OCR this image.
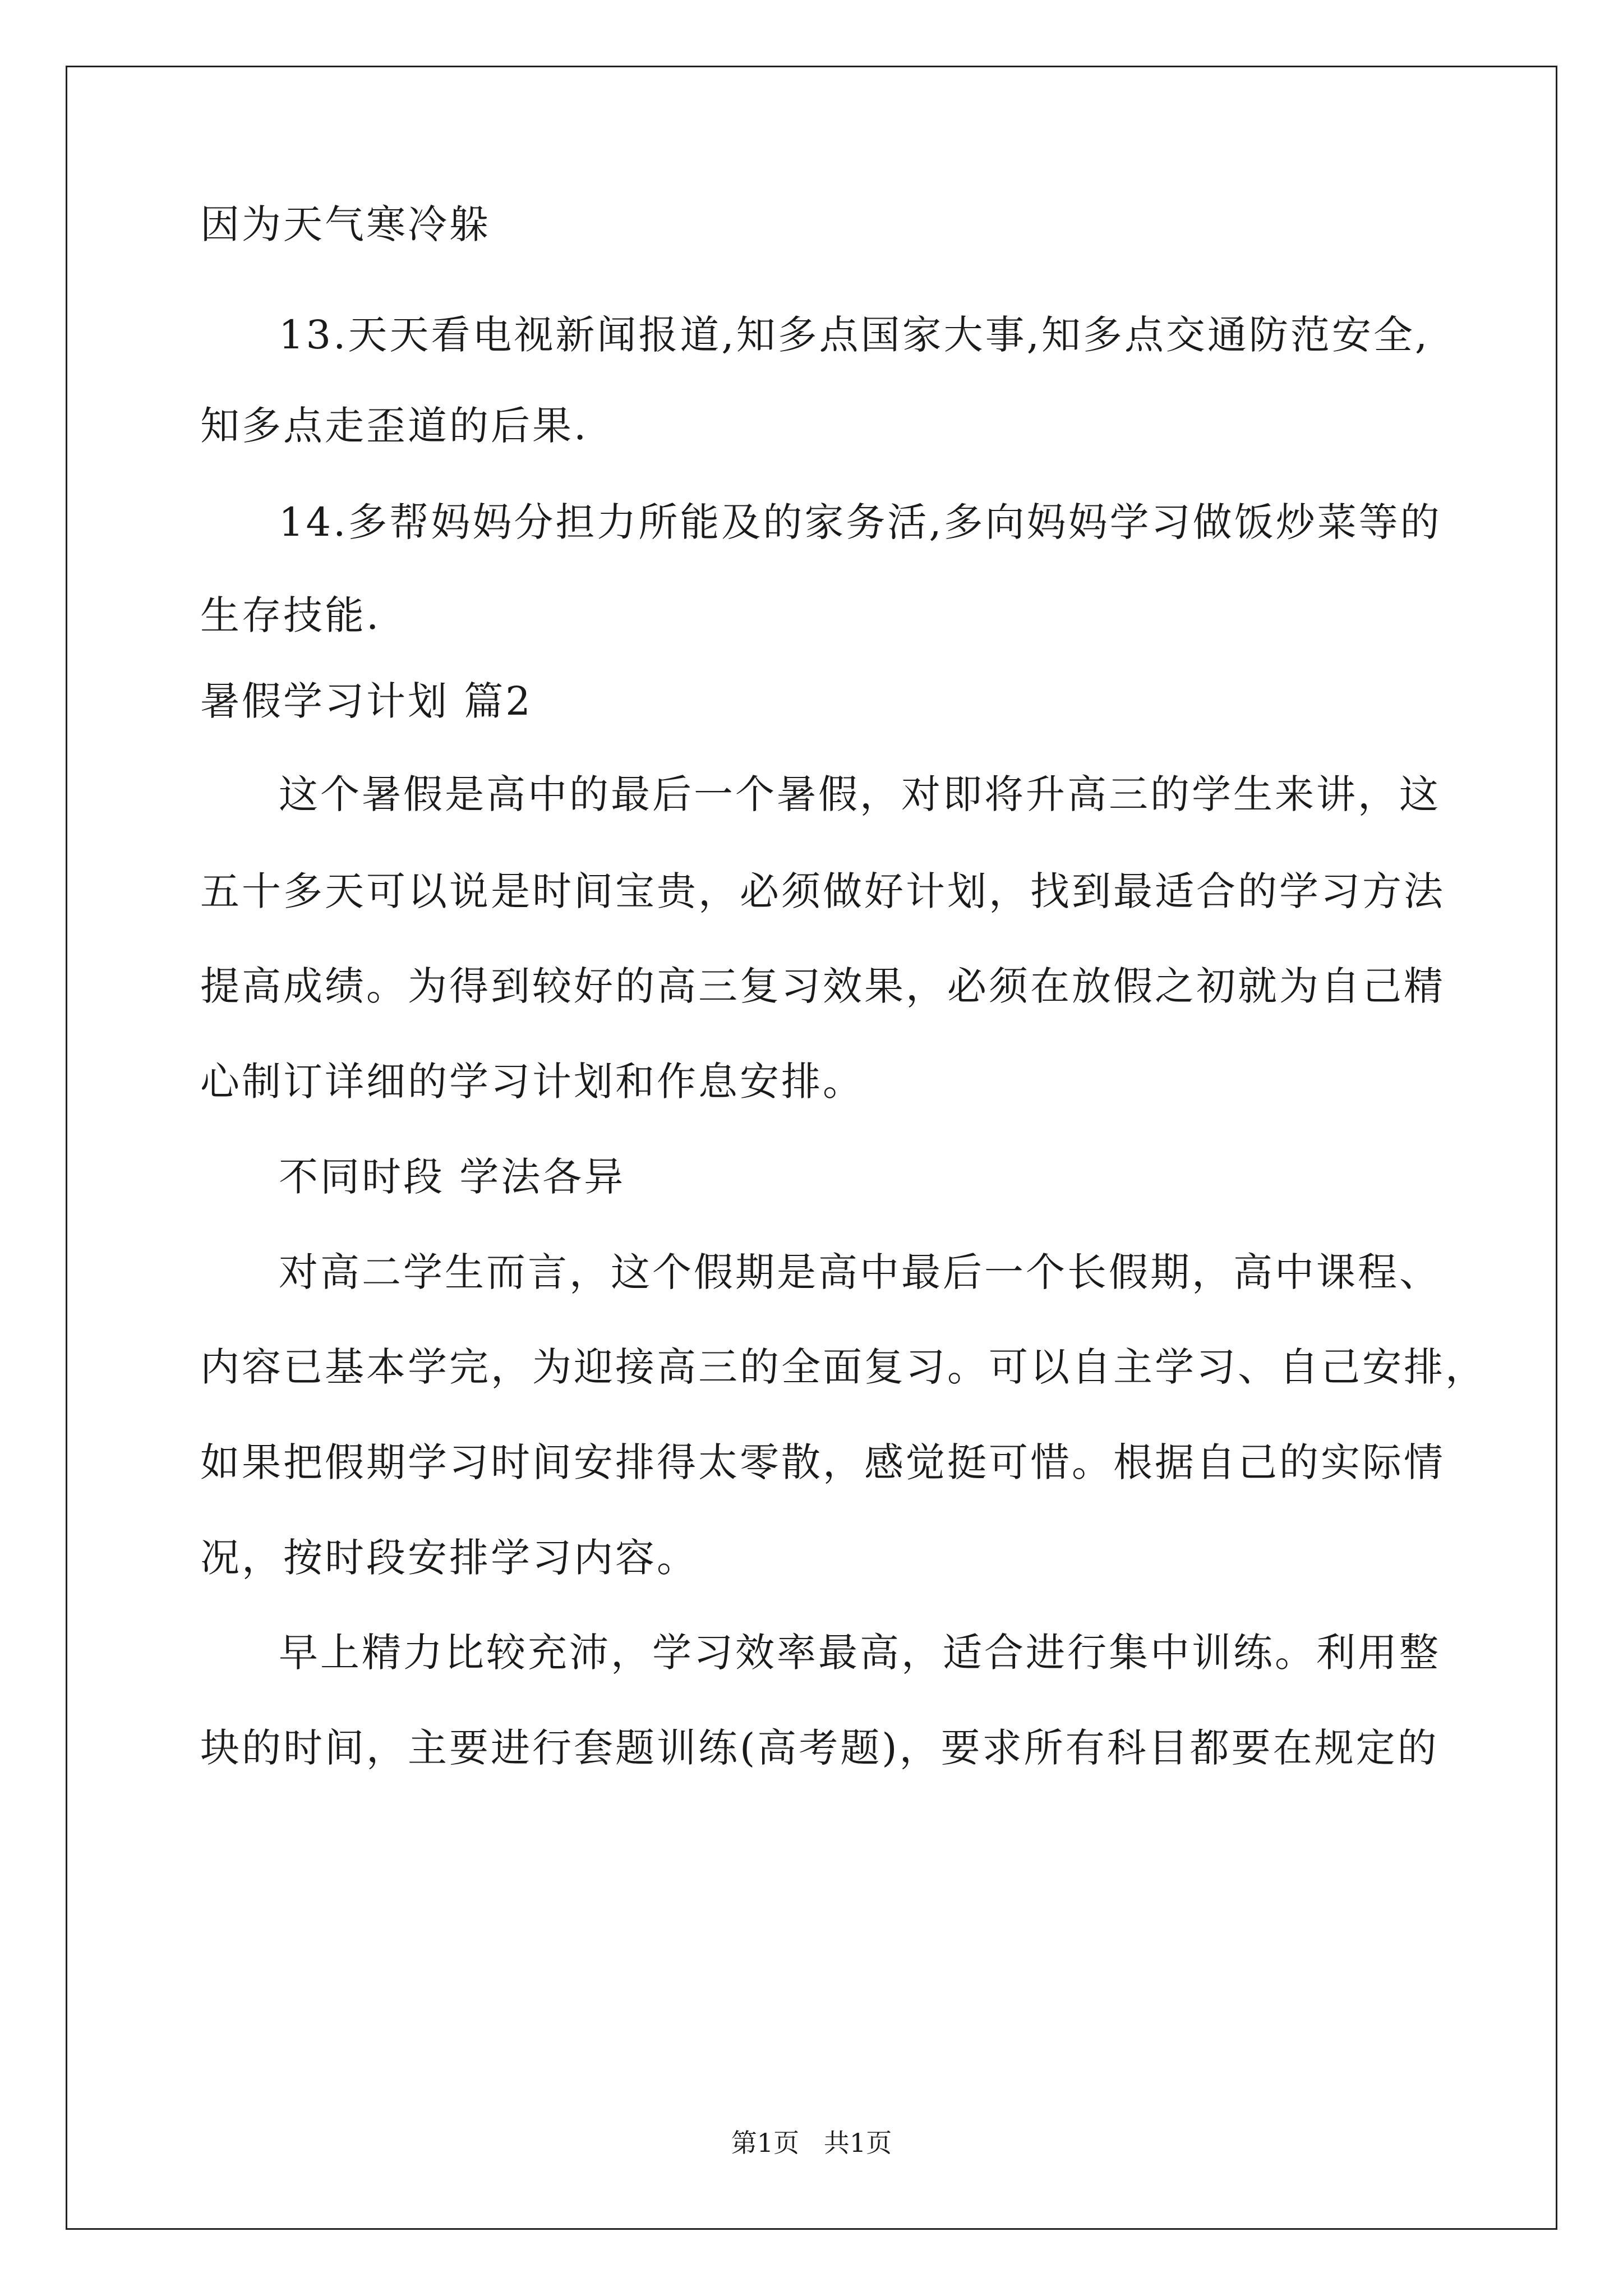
因为天气寒冷躲
13.天天看电视新闻报道,知多点国家大事,知多点交通防范安全,
知多点走歪道的后果.
14.多帮妈妈分担力所能及的家务活,多向妈妈学习做饭炒菜等的
生存技能.
暑假学习计划 篇2
这个暑假是高中的最后一个暑假，对即将升高三的学生来讲，这
五十多天可以说是时间宝贵，必须做好计划，找到最适合的学习方法
提高成绩。为得到较好的高三复习效果，必须在放假之初就为自己精
心制订详细的学习计划和作息安排。
不同时段 学法各异
对高二学生而言，这个假期是高中最后一个长假期，高中课程、
内容已基本学完，为迎接高三的全面复习。可以自主学习、自己安排，
如果把假期学习时间安排得太零散，感觉挺可惜。根据自己的实际情
况，按时段安排学习内容。
早上精力比较充沛，学习效率最高，适合进行集中训练。利用整
块的时间，主要进行套题训练(高考题)，要求所有科目都要在规定的
第1页   共1页
